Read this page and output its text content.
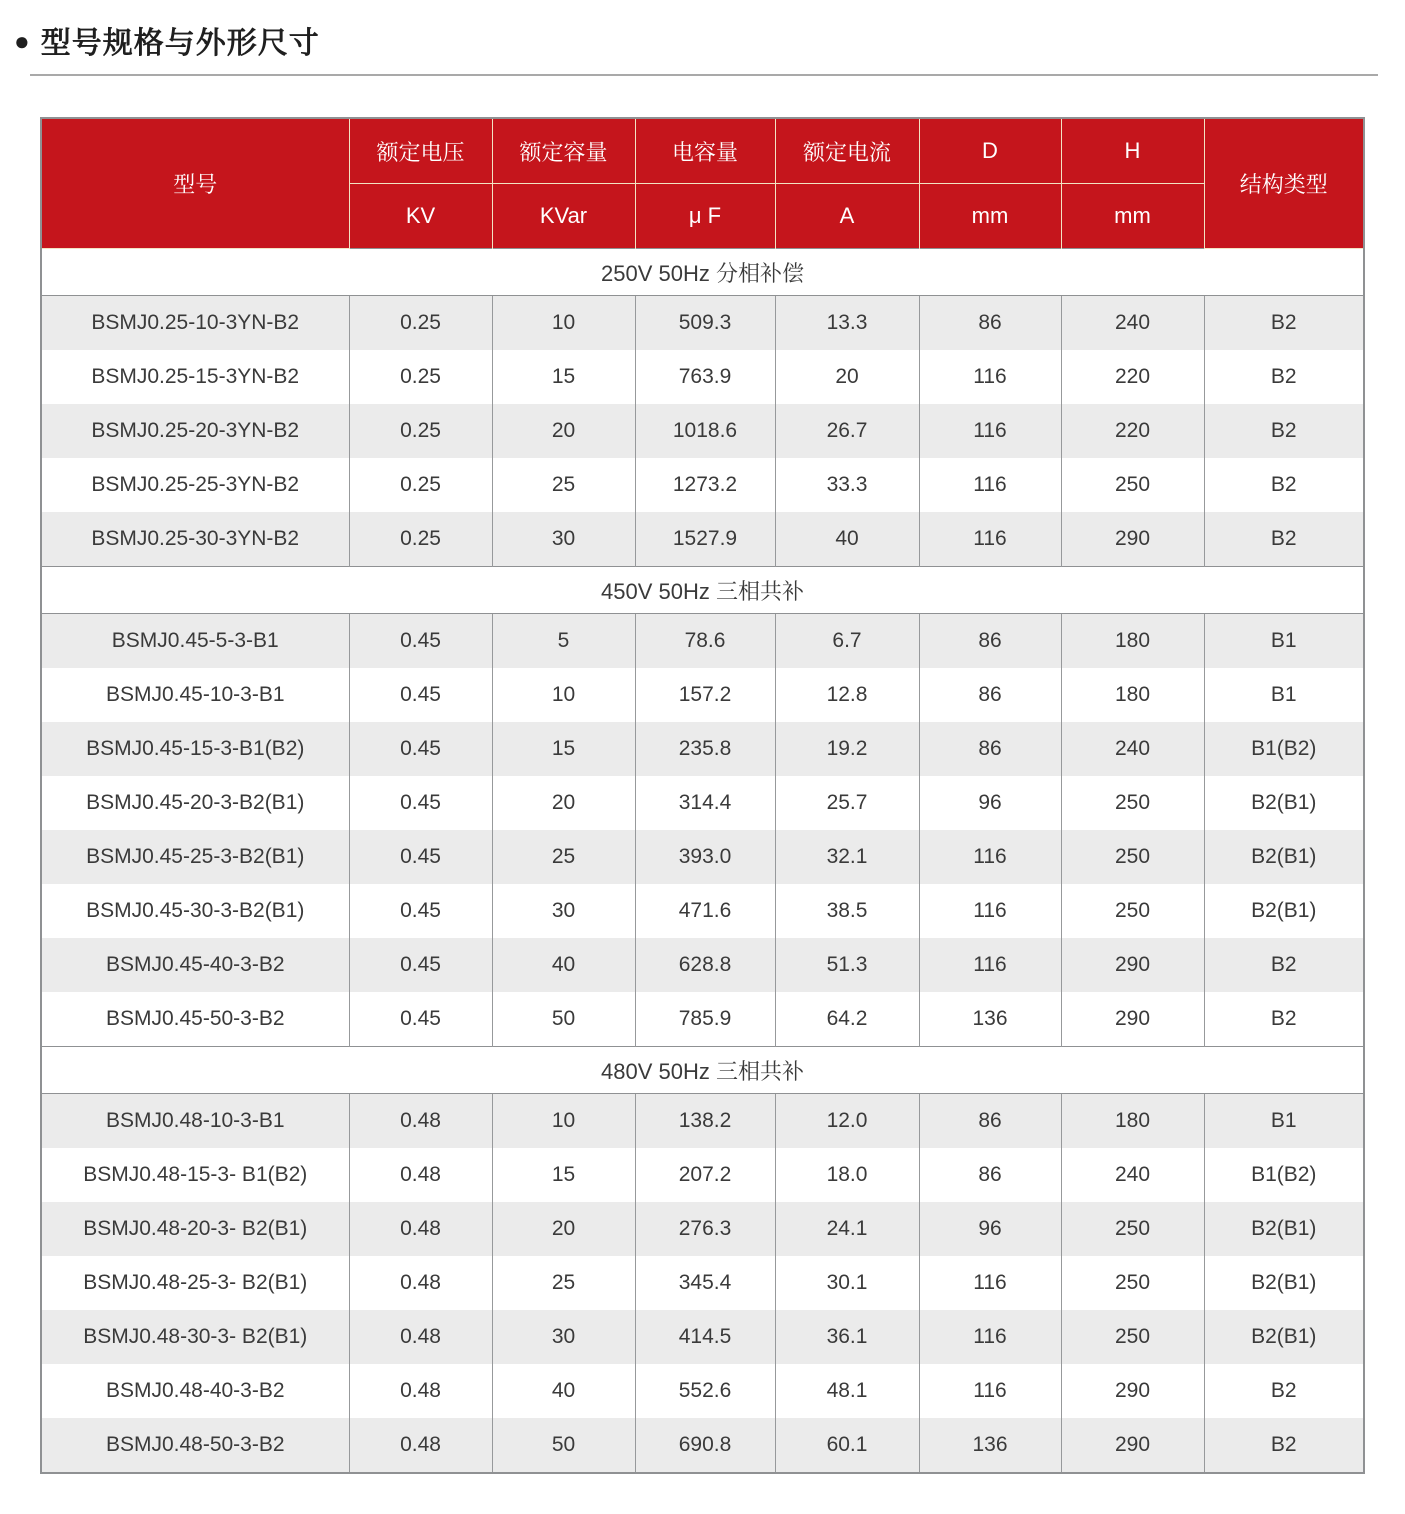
● 型号规格与外形尺寸
型号	额定电压	额定容量	电容量	额定电流	D	H	结构类型
	KV	KVar	μ F	A	mm	mm	
250V 50Hz 分相补偿							
BSMJ0.25-10-3YN-B2	0.25	10	509.3	13.3	86	240	B2
BSMJ0.25-15-3YN-B2	0.25	15	763.9	20	116	220	B2
BSMJ0.25-20-3YN-B2	0.25	20	1018.6	26.7	116	220	B2
BSMJ0.25-25-3YN-B2	0.25	25	1273.2	33.3	116	250	B2
BSMJ0.25-30-3YN-B2	0.25	30	1527.9	40	116	290	B2
450V 50Hz 三相共补							
BSMJ0.45-5-3-B1	0.45	5	78.6	6.7	86	180	B1
BSMJ0.45-10-3-B1	0.45	10	157.2	12.8	86	180	B1
BSMJ0.45-15-3-B1(B2)	0.45	15	235.8	19.2	86	240	B1(B2)
BSMJ0.45-20-3-B2(B1)	0.45	20	314.4	25.7	96	250	B2(B1)
BSMJ0.45-25-3-B2(B1)	0.45	25	393.0	32.1	116	250	B2(B1)
BSMJ0.45-30-3-B2(B1)	0.45	30	471.6	38.5	116	250	B2(B1)
BSMJ0.45-40-3-B2	0.45	40	628.8	51.3	116	290	B2
BSMJ0.45-50-3-B2	0.45	50	785.9	64.2	136	290	B2
480V 50Hz 三相共补							
BSMJ0.48-10-3-B1	0.48	10	138.2	12.0	86	180	B1
BSMJ0.48-15-3- B1(B2)	0.48	15	207.2	18.0	86	240	B1(B2)
BSMJ0.48-20-3- B2(B1)	0.48	20	276.3	24.1	96	250	B2(B1)
BSMJ0.48-25-3- B2(B1)	0.48	25	345.4	30.1	116	250	B2(B1)
BSMJ0.48-30-3- B2(B1)	0.48	30	414.5	36.1	116	250	B2(B1)
BSMJ0.48-40-3-B2	0.48	40	552.6	48.1	116	290	B2
BSMJ0.48-50-3-B2	0.48	50	690.8	60.1	136	290	B2
